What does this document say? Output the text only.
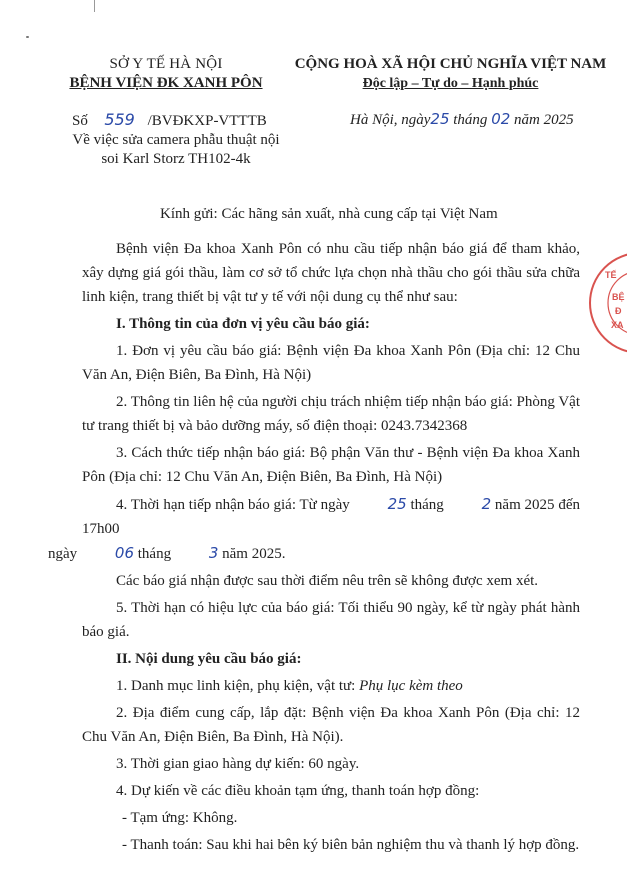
SỞ Y TẾ HÀ NỘI
BỆNH VIỆN ĐK XANH PÔN
CỘNG HOÀ XÃ HỘI CHỦ NGHĨA VIỆT NAM
Độc lập – Tự do – Hạnh phúc
Số 559 /BVĐKXP-VTTTB
Về việc sửa camera phẫu thuật nội
soi Karl Storz TH102-4k
Hà Nội, ngày25 tháng 02 năm 2025
Kính gửi: Các hãng sản xuất, nhà cung cấp tại Việt Nam

Bệnh viện Đa khoa Xanh Pôn có nhu cầu tiếp nhận báo giá để tham khảo, xây dựng giá gói thầu, làm cơ sở tổ chức lựa chọn nhà thầu cho gói thầu sửa chữa linh kiện, trang thiết bị vật tư y tế với nội dung cụ thể như sau:

I. Thông tin của đơn vị yêu cầu báo giá:

1. Đơn vị yêu cầu báo giá: Bệnh viện Đa khoa Xanh Pôn (Địa chỉ: 12 Chu Văn An, Điện Biên, Ba Đình, Hà Nội)

2. Thông tin liên hệ của người chịu trách nhiệm tiếp nhận báo giá: Phòng Vật tư trang thiết bị và bảo dưỡng máy, số điện thoại: 0243.7342368

3. Cách thức tiếp nhận báo giá: Bộ phận Văn thư - Bệnh viện Đa khoa Xanh Pôn (Địa chỉ: 12 Chu Văn An, Điện Biên, Ba Đình, Hà Nội)

4. Thời hạn tiếp nhận báo giá: Từ ngày	25 tháng	2 năm 2025 đến 17h00
ngày	06 tháng	3 năm 2025.

Các báo giá nhận được sau thời điểm nêu trên sẽ không được xem xét.

5. Thời hạn có hiệu lực của báo giá: Tối thiểu 90 ngày, kể từ ngày phát hành báo giá.

II. Nội dung yêu cầu báo giá:

1. Danh mục linh kiện, phụ kiện, vật tư: Phụ lục kèm theo

2. Địa điểm cung cấp, lắp đặt: Bệnh viện Đa khoa Xanh Pôn (Địa chỉ: 12 Chu Văn An, Điện Biên, Ba Đình, Hà Nội).

3. Thời gian giao hàng dự kiến: 60 ngày.

4. Dự kiến về các điều khoản tạm ứng, thanh toán hợp đồng:

- Tạm ứng: Không.

- Thanh toán: Sau khi hai bên ký biên bản nghiệm thu và thanh lý hợp đồng.

TẾ
BỆ
Đ
XA
